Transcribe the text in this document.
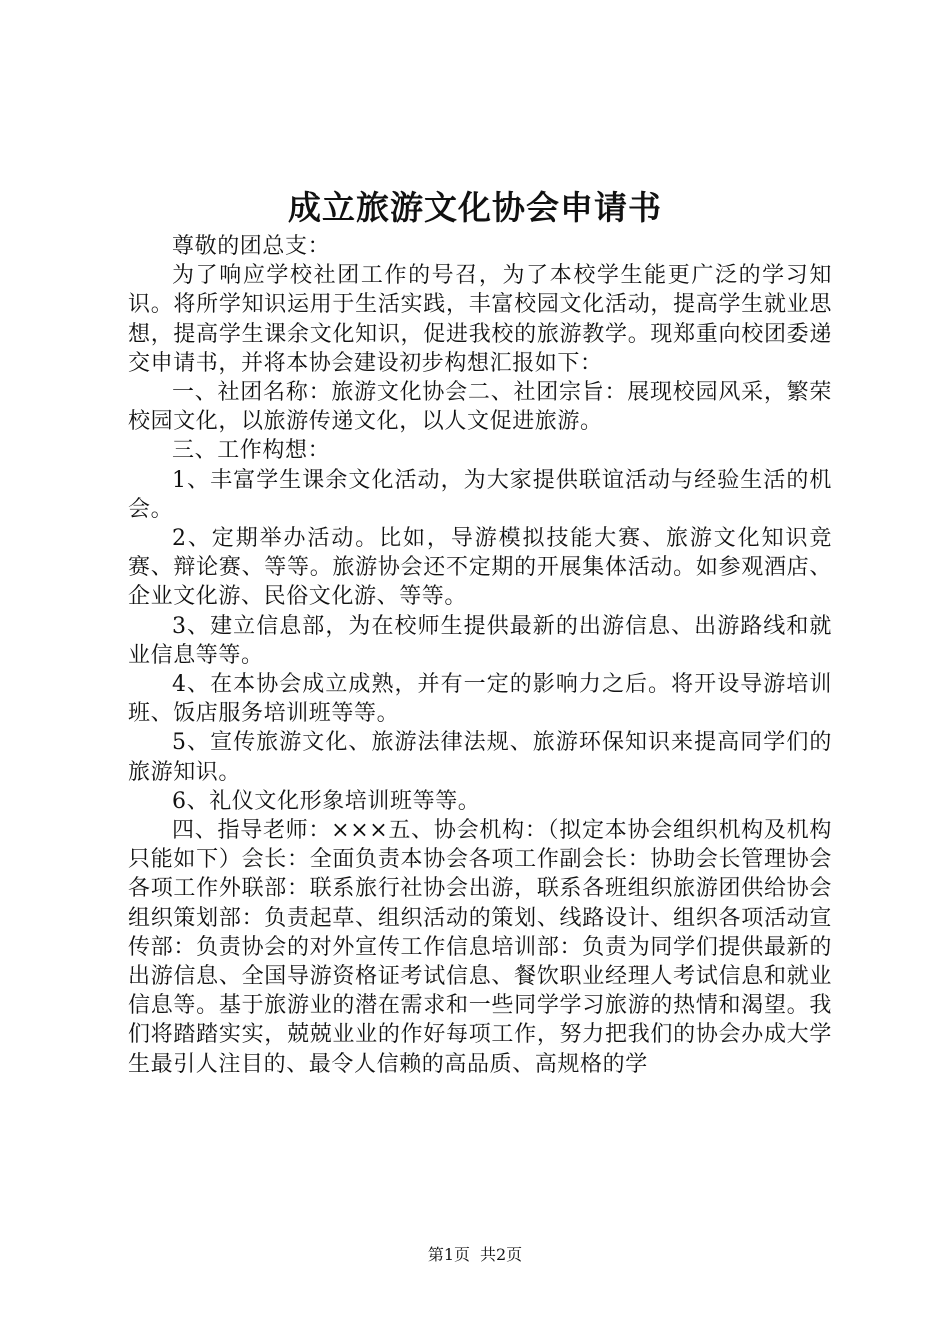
成立旅游文化协会申请书

尊敬的团总支：

为了响应学校社团工作的号召，为了本校学生能更广泛的学习知识。将所学知识运用于生活实践，丰富校园文化活动，提高学生就业思想，提高学生课余文化知识，促进我校的旅游教学。现郑重向校团委递交申请书，并将本协会建设初步构想汇报如下：

一、社团名称：旅游文化协会二、社团宗旨：展现校园风采，繁荣校园文化，以旅游传递文化，以人文促进旅游。

三、工作构想：

1、丰富学生课余文化活动，为大家提供联谊活动与经验生活的机会。

2、定期举办活动。比如，导游模拟技能大赛、旅游文化知识竞赛、辩论赛、等等。旅游协会还不定期的开展集体活动。如参观酒店、企业文化游、民俗文化游、等等。

3、建立信息部，为在校师生提供最新的出游信息、出游路线和就业信息等等。

4、在本协会成立成熟，并有一定的影响力之后。将开设导游培训班、饭店服务培训班等等。

5、宣传旅游文化、旅游法律法规、旅游环保知识来提高同学们的旅游知识。

6、礼仪文化形象培训班等等。

四、指导老师：×××五、协会机构：（拟定本协会组织机构及机构只能如下）会长：全面负责本协会各项工作副会长：协助会长管理协会各项工作外联部：联系旅行社协会出游，联系各班组织旅游团供给协会组织策划部：负责起草、组织活动的策划、线路设计、组织各项活动宣传部：负责协会的对外宣传工作信息培训部：负责为同学们提供最新的出游信息、全国导游资格证考试信息、餐饮职业经理人考试信息和就业信息等。基于旅游业的潜在需求和一些同学学习旅游的热情和渴望。我们将踏踏实实，兢兢业业的作好每项工作，努力把我们的协会办成大学生最引人注目的、最令人信赖的高品质、高规格的学

第1页 共2页
